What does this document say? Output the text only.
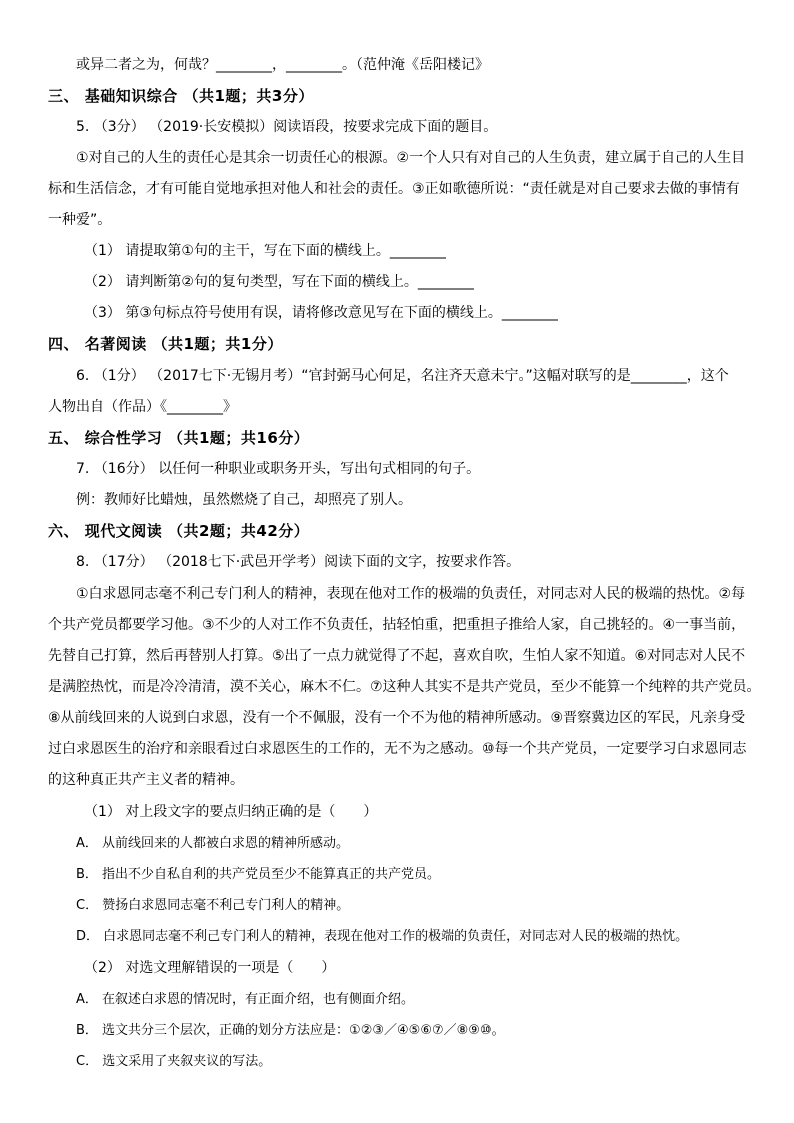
或异二者之为，何哉？________，________。（范仲淹《岳阳楼记》
三、 基础知识综合 （共1题；共3分）
5. （3分） （2019·长安模拟）阅读语段，按要求完成下面的题目。
①对自己的人生的责任心是其余一切责任心的根源。②一个人只有对自己的人生负责，建立属于自己的人生目
标和生活信念，才有可能自觉地承担对他人和社会的责任。③正如歌德所说：“责任就是对自己要求去做的事情有
一种爱”。
（1） 请提取第①句的主干，写在下面的横线上。________
（2） 请判断第②句的复句类型，写在下面的横线上。________
（3） 第③句标点符号使用有误，请将修改意见写在下面的横线上。________
四、 名著阅读 （共1题；共1分）
6. （1分） （2017七下·无锡月考）“官封弼马心何足，名注齐天意未宁。”这幅对联写的是________，这个
人物出自（作品）《________》
五、 综合性学习 （共1题；共16分）
7. （16分） 以任何一种职业或职务开头，写出句式相同的句子。
例：教师好比蜡烛，虽然燃烧了自己，却照亮了别人。
六、 现代文阅读 （共2题；共42分）
8. （17分） （2018七下·武邑开学考）阅读下面的文字，按要求作答。
①白求恩同志毫不利己专门利人的精神，表现在他对工作的极端的负责任，对同志对人民的极端的热忱。②每
个共产党员都要学习他。③不少的人对工作不负责任，拈轻怕重，把重担子推给人家，自己挑轻的。④一事当前，
先替自己打算，然后再替别人打算。⑤出了一点力就觉得了不起，喜欢自吹，生怕人家不知道。⑥对同志对人民不
是满腔热忱，而是冷冷清清，漠不关心，麻木不仁。⑦这种人其实不是共产党员，至少不能算一个纯粹的共产党员。
⑧从前线回来的人说到白求恩，没有一个不佩服，没有一个不为他的精神所感动。⑨晋察冀边区的军民，凡亲身受
过白求恩医生的治疗和亲眼看过白求恩医生的工作的，无不为之感动。⑩每一个共产党员，一定要学习白求恩同志
的这种真正共产主义者的精神。
（1） 对上段文字的要点归纳正确的是（　　）
A． 从前线回来的人都被白求恩的精神所感动。
B． 指出不少自私自利的共产党员至少不能算真正的共产党员。
C． 赞扬白求恩同志毫不利己专门利人的精神。
D． 白求恩同志毫不利己专门利人的精神，表现在他对工作的极端的负责任，对同志对人民的极端的热忱。
（2） 对选文理解错误的一项是（　　）
A． 在叙述白求恩的情况时，有正面介绍，也有侧面介绍。
B． 选文共分三个层次，正确的划分方法应是：①②③／④⑤⑥⑦／⑧⑨⑩。
C． 选文采用了夹叙夹议的写法。
